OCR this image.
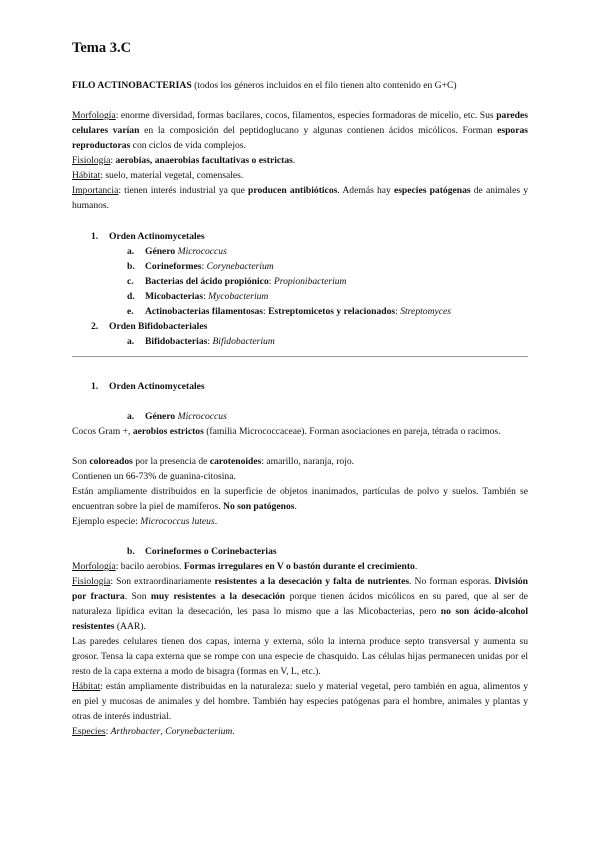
Tema 3.C
FILO ACTINOBACTERIAS (todos los géneros incluidos en el filo tienen alto contenido en G+C)
Morfología: enorme diversidad, formas bacilares, cocos, filamentos, especies formadoras de micelio, etc. Sus paredes celulares varían en la composición del peptidoglucano y algunas contienen ácidos micólicos. Forman esporas reproductoras con ciclos de vida complejos.
Fisiología: aerobias, anaerobias facultativas o estrictas.
Hábitat: suelo, material vegetal, comensales.
Importancia: tienen interés industrial ya que producen antibióticos. Además hay especies patógenas de animales y humanos.
1. Orden Actinomycetales
a. Género Micrococcus
b. Corineformes: Corynebacterium
c. Bacterias del ácido propiónico: Propionibacterium
d. Micobacterias: Mycobacterium
e. Actinobacterias filamentosas: Estreptomicetos y relacionados: Streptomyces
2. Orden Bifidobacteriales
a. Bifidobacterias: Bifidobacterium
1. Orden Actinomycetales
a. Género Micrococcus
Cocos Gram +, aerobios estrictos (familia Micrococcaceae). Forman asociaciones en pareja, tétrada o racimos.
Son coloreados por la presencia de carotenoides: amarillo, naranja, rojo.
Contienen un 66-73% de guanina-citosina.
Están ampliamente distribuidos en la superficie de objetos inanimados, partículas de polvo y suelos. También se encuentran sobre la piel de mamíferos. No son patógenos.
Ejemplo especie: Micrococcus luteus.
b. Corineformes o Corinebacterias
Morfología: bacilo aerobios. Formas irregulares en V o bastón durante el crecimiento.
Fisiología: Son extraordinariamente resistentes a la desecación y falta de nutrientes. No forman esporas. División por fractura. Son muy resistentes a la desecación porque tienen ácidos micólicos en su pared, que al ser de naturaleza lipídica evitan la desecación, les pasa lo mismo que a las Micobacterias, pero no son ácido-alcohol resistentes (AAR).
Las paredes celulares tienen dos capas, interna y externa, sólo la interna produce septo transversal y aumenta su grosor. Tensa la capa externa que se rompe con una especie de chasquido. Las células hijas permanecen unidas por el resto de la capa externa a modo de bisagra (formas en V, L, etc.).
Hábitat: están ampliamente distribuidas en la naturaleza: suelo y material vegetal, pero también en agua, alimentos y en piel y mucosas de animales y del hombre. También hay especies patógenas para el hombre, animales y plantas y otras de interés industrial.
Especies: Arthrobacter, Corynebacterium.
